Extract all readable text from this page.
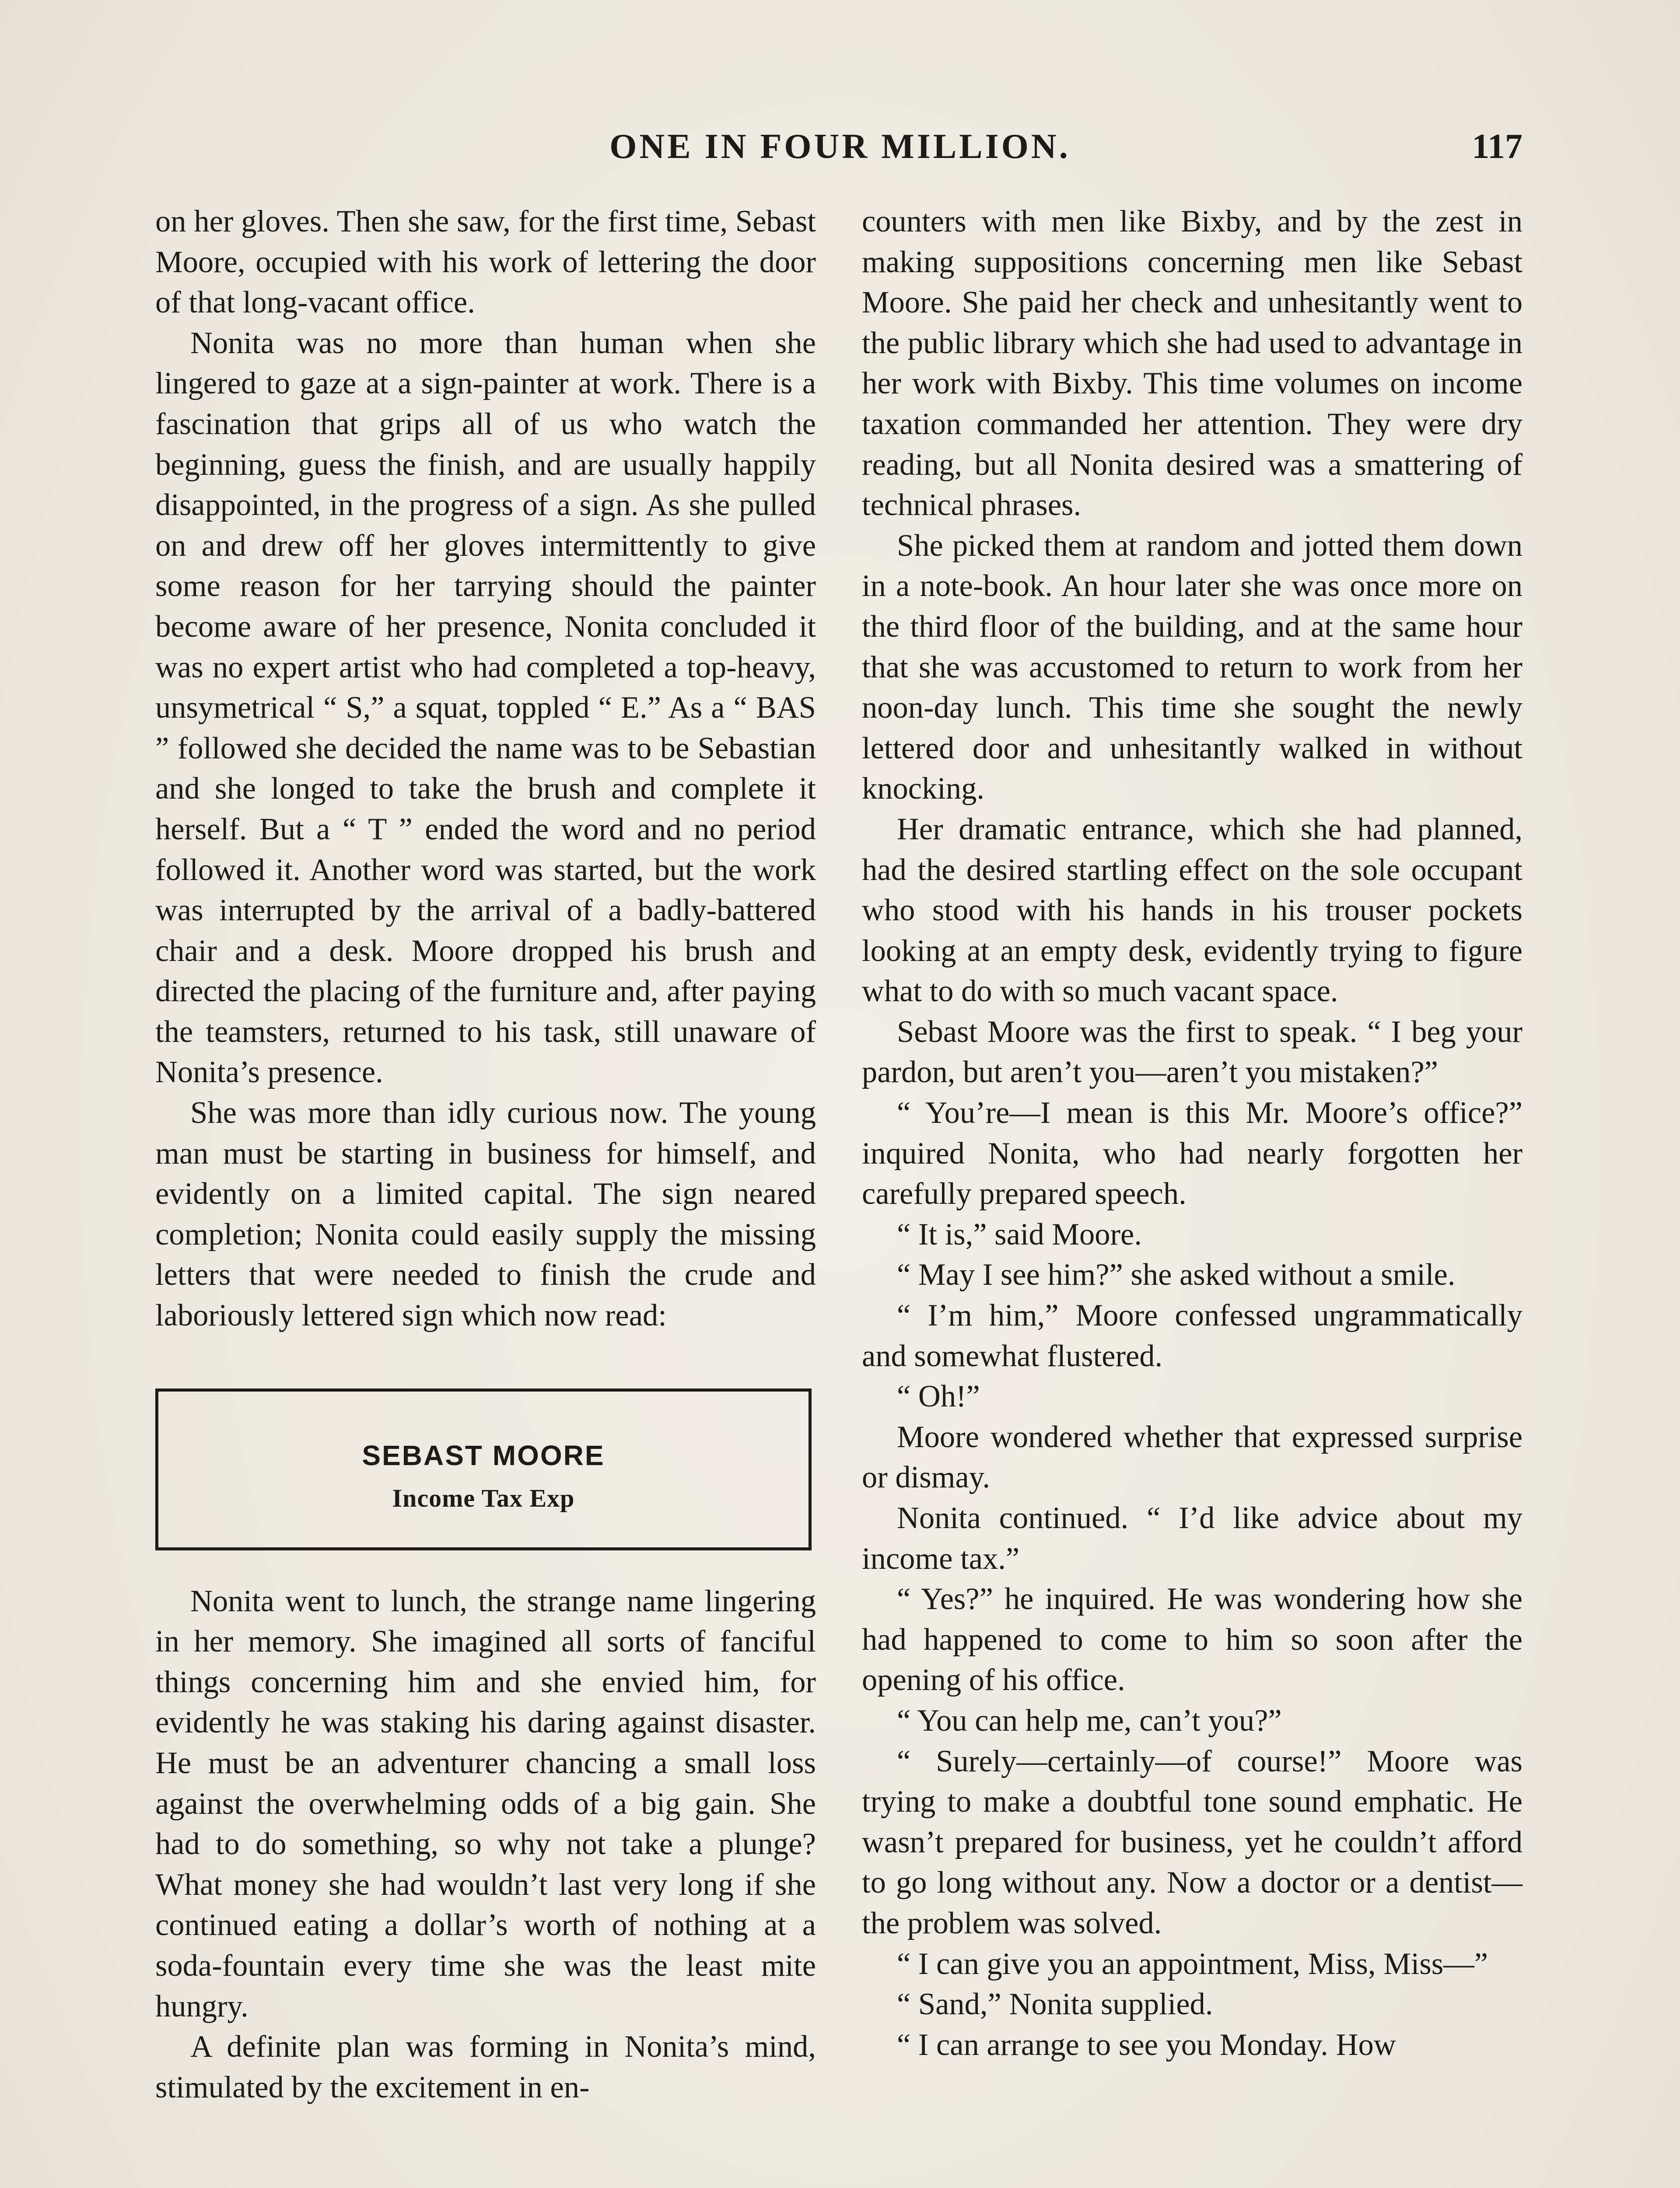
ONE IN FOUR MILLION.	117

on her gloves. Then she saw, for the first time, Sebast Moore, occupied with his work of lettering the door of that long-vacant office.

Nonita was no more than human when she lingered to gaze at a sign-painter at work. There is a fascination that grips all of us who watch the beginning, guess the finish, and are usually happily disappointed, in the progress of a sign. As she pulled on and drew off her gloves intermittently to give some reason for her tarrying should the painter become aware of her presence, Nonita concluded it was no expert artist who had completed a top-heavy, unsymetrical “ S,” a squat, toppled “ E.” As a “ BAS ” followed she decided the name was to be Sebastian and she longed to take the brush and complete it herself. But a “ T ” ended the word and no period followed it. Another word was started, but the work was interrupted by the arrival of a badly-battered chair and a desk. Moore dropped his brush and directed the placing of the furniture and, after paying the teamsters, returned to his task, still unaware of Nonita’s presence.

She was more than idly curious now. The young man must be starting in business for himself, and evidently on a limited capital. The sign neared completion; Nonita could easily supply the missing letters that were needed to finish the crude and laboriously lettered sign which now read:

SEBAST MOORE
Income Tax Exp

Nonita went to lunch, the strange name lingering in her memory. She imagined all sorts of fanciful things concerning him and she envied him, for evidently he was staking his daring against disaster. He must be an adventurer chancing a small loss against the overwhelming odds of a big gain. She had to do something, so why not take a plunge? What money she had wouldn’t last very long if she continued eating a dollar’s worth of nothing at a soda-fountain every time she was the least mite hungry.

A definite plan was forming in Nonita’s mind, stimulated by the excitement in en-

counters with men like Bixby, and by the zest in making suppositions concerning men like Sebast Moore. She paid her check and unhesitantly went to the public library which she had used to advantage in her work with Bixby. This time volumes on income taxation commanded her attention. They were dry reading, but all Nonita desired was a smattering of technical phrases.

She picked them at random and jotted them down in a note-book. An hour later she was once more on the third floor of the building, and at the same hour that she was accustomed to return to work from her noon-day lunch. This time she sought the newly lettered door and unhesitantly walked in without knocking.

Her dramatic entrance, which she had planned, had the desired startling effect on the sole occupant who stood with his hands in his trouser pockets looking at an empty desk, evidently trying to figure what to do with so much vacant space.

Sebast Moore was the first to speak. “ I beg your pardon, but aren’t you—aren’t you mistaken?”

“ You’re—I mean is this Mr. Moore’s office?” inquired Nonita, who had nearly forgotten her carefully prepared speech.

“ It is,” said Moore.

“ May I see him?” she asked without a smile.

“ I’m him,” Moore confessed ungrammatically and somewhat flustered.

“ Oh!”

Moore wondered whether that expressed surprise or dismay.

Nonita continued. “ I’d like advice about my income tax.”

“ Yes?” he inquired. He was wondering how she had happened to come to him so soon after the opening of his office.

“ You can help me, can’t you?”

“ Surely—certainly—of course!” Moore was trying to make a doubtful tone sound emphatic. He wasn’t prepared for business, yet he couldn’t afford to go long without any. Now a doctor or a dentist—the problem was solved.

“ I can give you an appointment, Miss, Miss—”

“ Sand,” Nonita supplied.

“ I can arrange to see you Monday. How
